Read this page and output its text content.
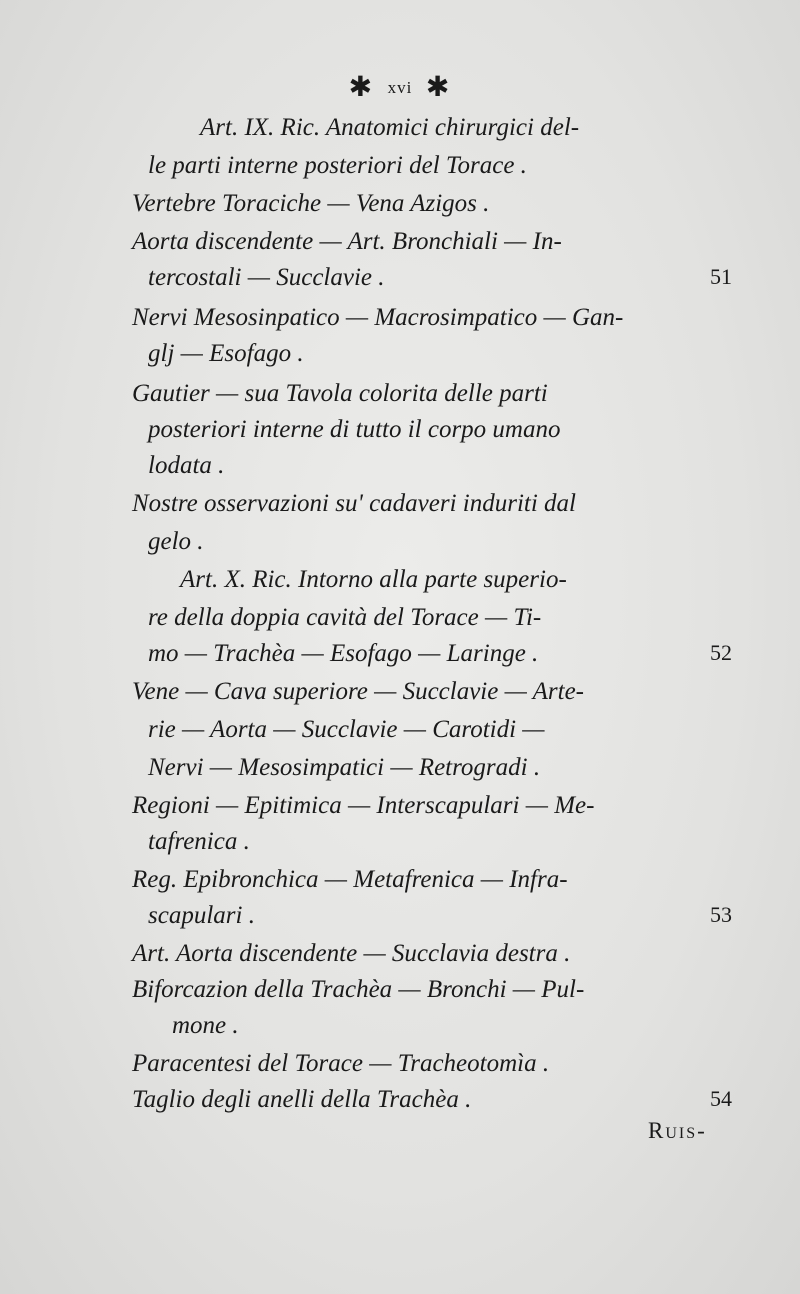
✱ xvi ✱
Art. IX. Ric. Anatomici chirurgici del-
le parti interne posteriori del Torace .
Vertebre Toraciche — Vena Azigos .
Aorta discendente — Art. Bronchiali — In-
tercostali — Succlavie .	51
Nervi Mesosinpatico — Macrosimpatico — Gan-
glj — Esofago .
Gautier — sua Tavola colorita delle parti
posteriori interne di tutto il corpo umano
lodata .
Nostre osservazioni su' cadaveri induriti dal
gelo .
Art. X. Ric. Intorno alla parte superio-
re della doppia cavità del Torace — Ti-
mo — Trachèa — Esofago — Laringe .	52
Vene — Cava superiore — Succlavie — Arte-
rie — Aorta — Succlavie — Carotidi —
Nervi — Mesosimpatici — Retrogradi .
Regioni — Epitimica — Interscapulari — Me-
tafrenica .
Reg. Epibronchica — Metafrenica — Infra-
scapulari .	53
Art. Aorta discendente — Succlavia destra .
Biforcazion della Trachèa — Bronchi — Pul-
mone .
Paracentesi del Torace — Tracheotomìa .
Taglio degli anelli della Trachèa .	54
Ruis-
